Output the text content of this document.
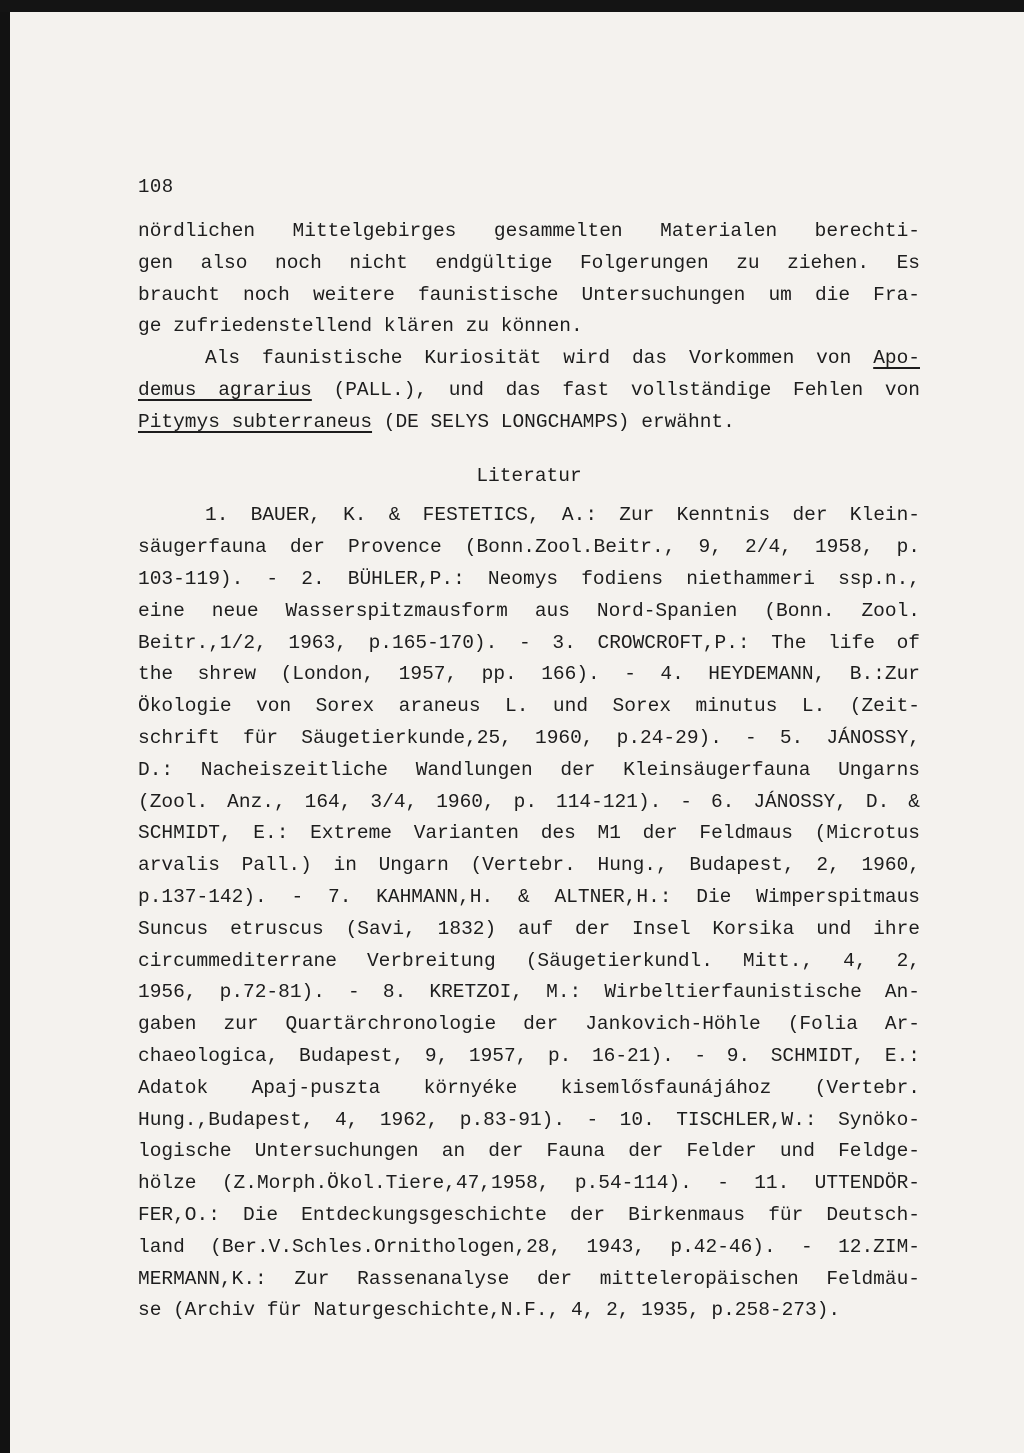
108
nördlichen Mittelgebirges gesammelten Materialen berechti-
gen also noch nicht endgültige Folgerungen zu ziehen. Es
braucht noch weitere faunistische Untersuchungen um die Fra-
ge zufriedenstellend klären zu können.
Als faunistische Kuriosität wird das Vorkommen von Apo-
demus agrarius (PALL.), und das fast vollständige Fehlen von
Pitymys subterraneus (DE SELYS LONGCHAMPS) erwähnt.
Literatur
1. BAUER, K. & FESTETICS, A.: Zur Kenntnis der Klein-
säugerfauna der Provence (Bonn.Zool.Beitr., 9, 2/4, 1958, p.
103-119). - 2. BÜHLER,P.: Neomys fodiens niethammeri ssp.n.,
eine neue Wasserspitzmausform aus Nord-Spanien (Bonn. Zool.
Beitr.,1/2, 1963, p.165-170). - 3. CROWCROFT,P.: The life of
the shrew (London, 1957, pp. 166). - 4. HEYDEMANN, B.:Zur
Ökologie von Sorex araneus L. und Sorex minutus L. (Zeit-
schrift für Säugetierkunde,25, 1960, p.24-29). - 5. JÁNOSSY,
D.: Nacheiszeitliche Wandlungen der Kleinsäugerfauna Ungarns
(Zool. Anz., 164, 3/4, 1960, p. 114-121). - 6. JÁNOSSY, D. &
SCHMIDT, E.: Extreme Varianten des M1 der Feldmaus (Microtus
arvalis Pall.) in Ungarn (Vertebr. Hung., Budapest, 2, 1960,
p.137-142). - 7. KAHMANN,H. & ALTNER,H.: Die Wimperspitmaus
Suncus etruscus (Savi, 1832) auf der Insel Korsika und ihre
circummediterrane Verbreitung (Säugetierkundl. Mitt., 4, 2,
1956, p.72-81). - 8. KRETZOI, M.: Wirbeltierfaunistische An-
gaben zur Quartärchronologie der Jankovich-Höhle (Folia Ar-
chaeologica, Budapest, 9, 1957, p. 16-21). - 9. SCHMIDT, E.:
Adatok Apaj-puszta környéke kisemlősfaunájához (Vertebr.
Hung.,Budapest, 4, 1962, p.83-91). - 10. TISCHLER,W.: Synöko-
logische Untersuchungen an der Fauna der Felder und Feldge-
hölze (Z.Morph.Ökol.Tiere,47,1958, p.54-114). - 11. UTTENDÖR-
FER,O.: Die Entdeckungsgeschichte der Birkenmaus für Deutsch-
land (Ber.V.Schles.Ornithologen,28, 1943, p.42-46). - 12.ZIM-
MERMANN,K.: Zur Rassenanalyse der mitteleropäischen Feldmäu-
se (Archiv für Naturgeschichte,N.F., 4, 2, 1935, p.258-273).
